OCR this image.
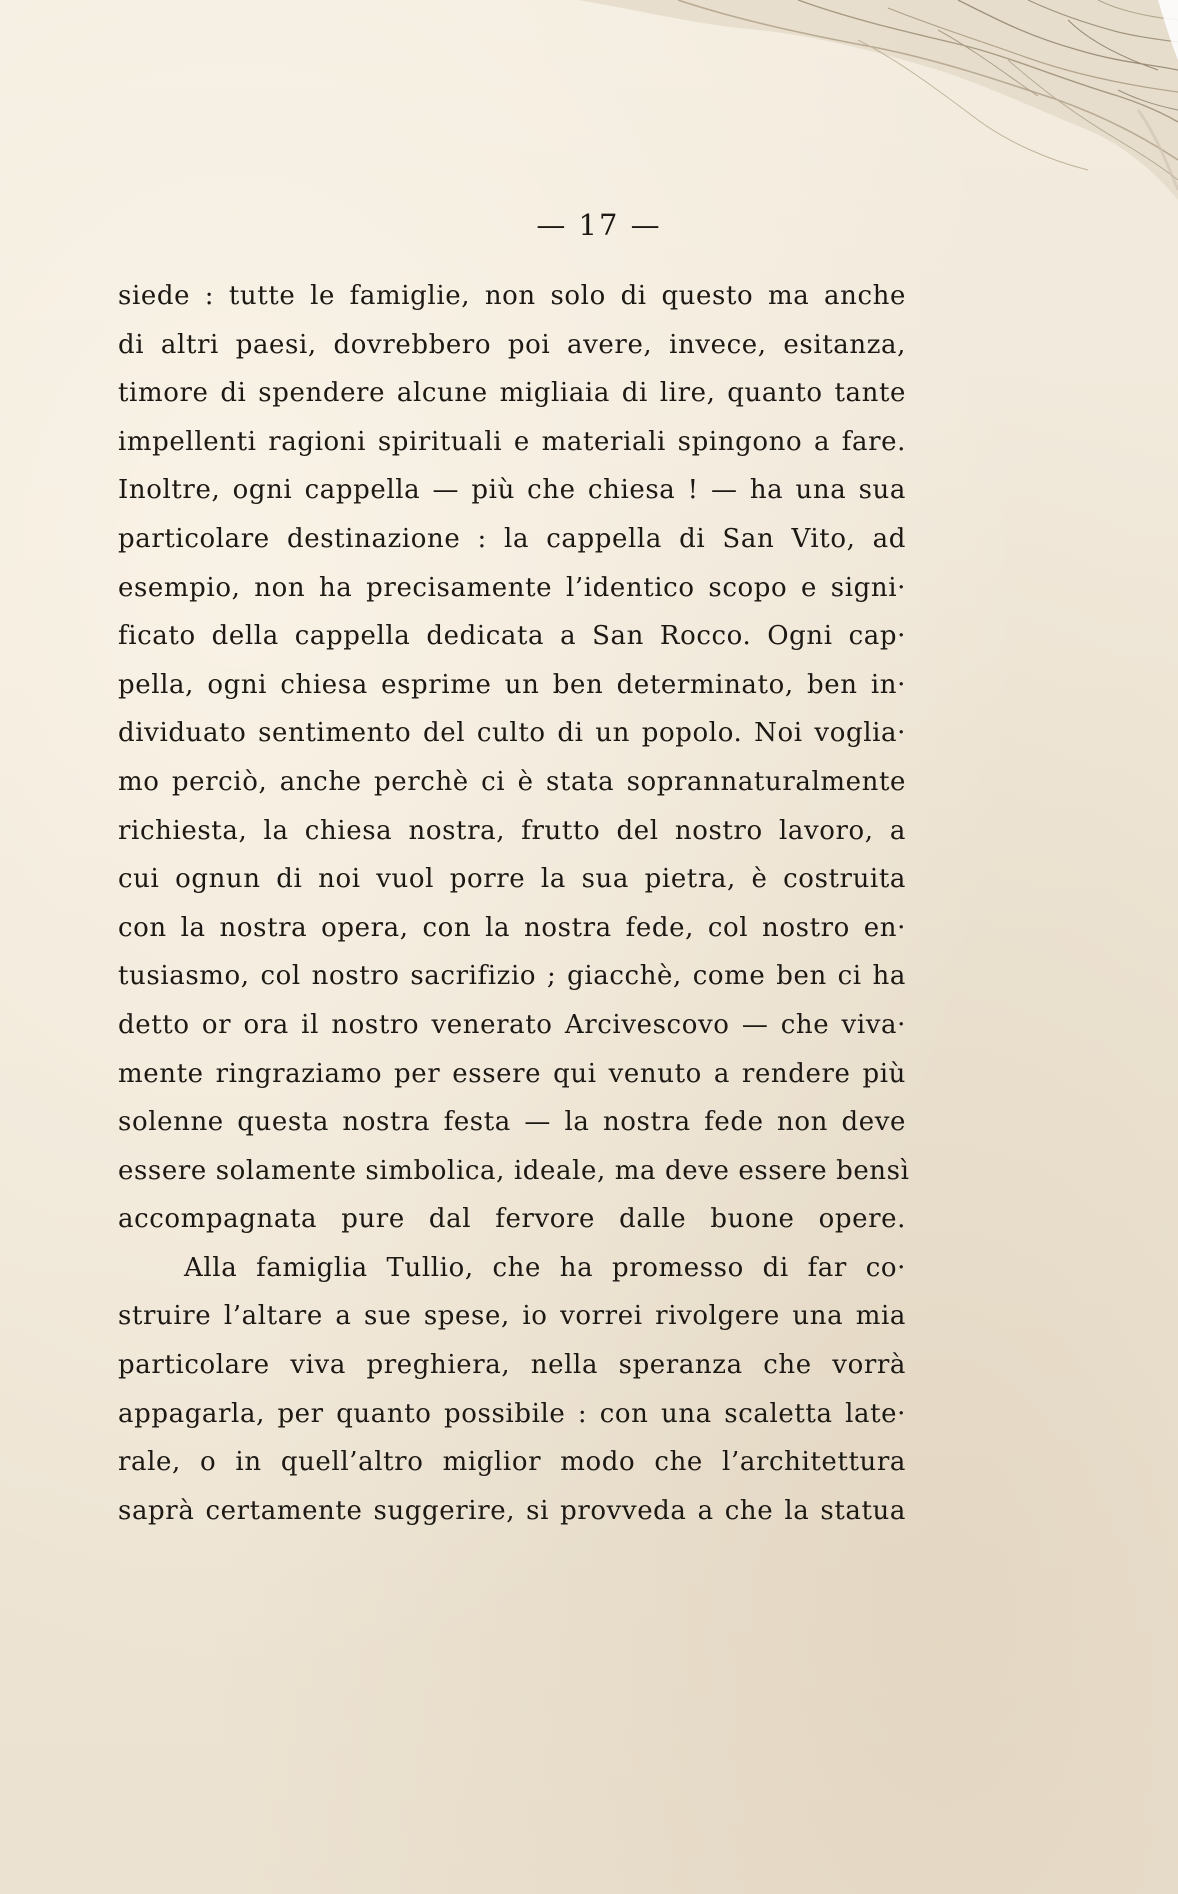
— 17 —
siede : tutte le famiglie, non solo di questo ma anche
di altri paesi, dovrebbero poi avere, invece, esitanza,
timore di spendere alcune migliaia di lire, quanto tante
impellenti ragioni spirituali e materiali spingono a fare.
Inoltre, ogni cappella — più che chiesa ! — ha una sua
particolare destinazione : la cappella di San Vito, ad
esempio, non ha precisamente l’identico scopo e signi·
ficato della cappella dedicata a San Rocco. Ogni cap·
pella, ogni chiesa esprime un ben determinato, ben in·
dividuato sentimento del culto di un popolo. Noi voglia·
mo perciò, anche perchè ci è stata soprannaturalmente
richiesta, la chiesa nostra, frutto del nostro lavoro, a
cui ognun di noi vuol porre la sua pietra, è costruita
con la nostra opera, con la nostra fede, col nostro en·
tusiasmo, col nostro sacrifizio ; giacchè, come ben ci ha
detto or ora il nostro venerato Arcivescovo — che viva·
mente ringraziamo per essere qui venuto a rendere più
solenne questa nostra festa — la nostra fede non deve
essere solamente simbolica, ideale, ma deve essere bensì
accompagnata pure dal fervore dalle buone opere.
Alla famiglia Tullio, che ha promesso di far co·
struire l’altare a sue spese, io vorrei rivolgere una mia
particolare viva preghiera, nella speranza che vorrà
appagarla, per quanto possibile : con una scaletta late·
rale, o in quell’altro miglior modo che l’architettura
saprà certamente suggerire, si provveda a che la statua
